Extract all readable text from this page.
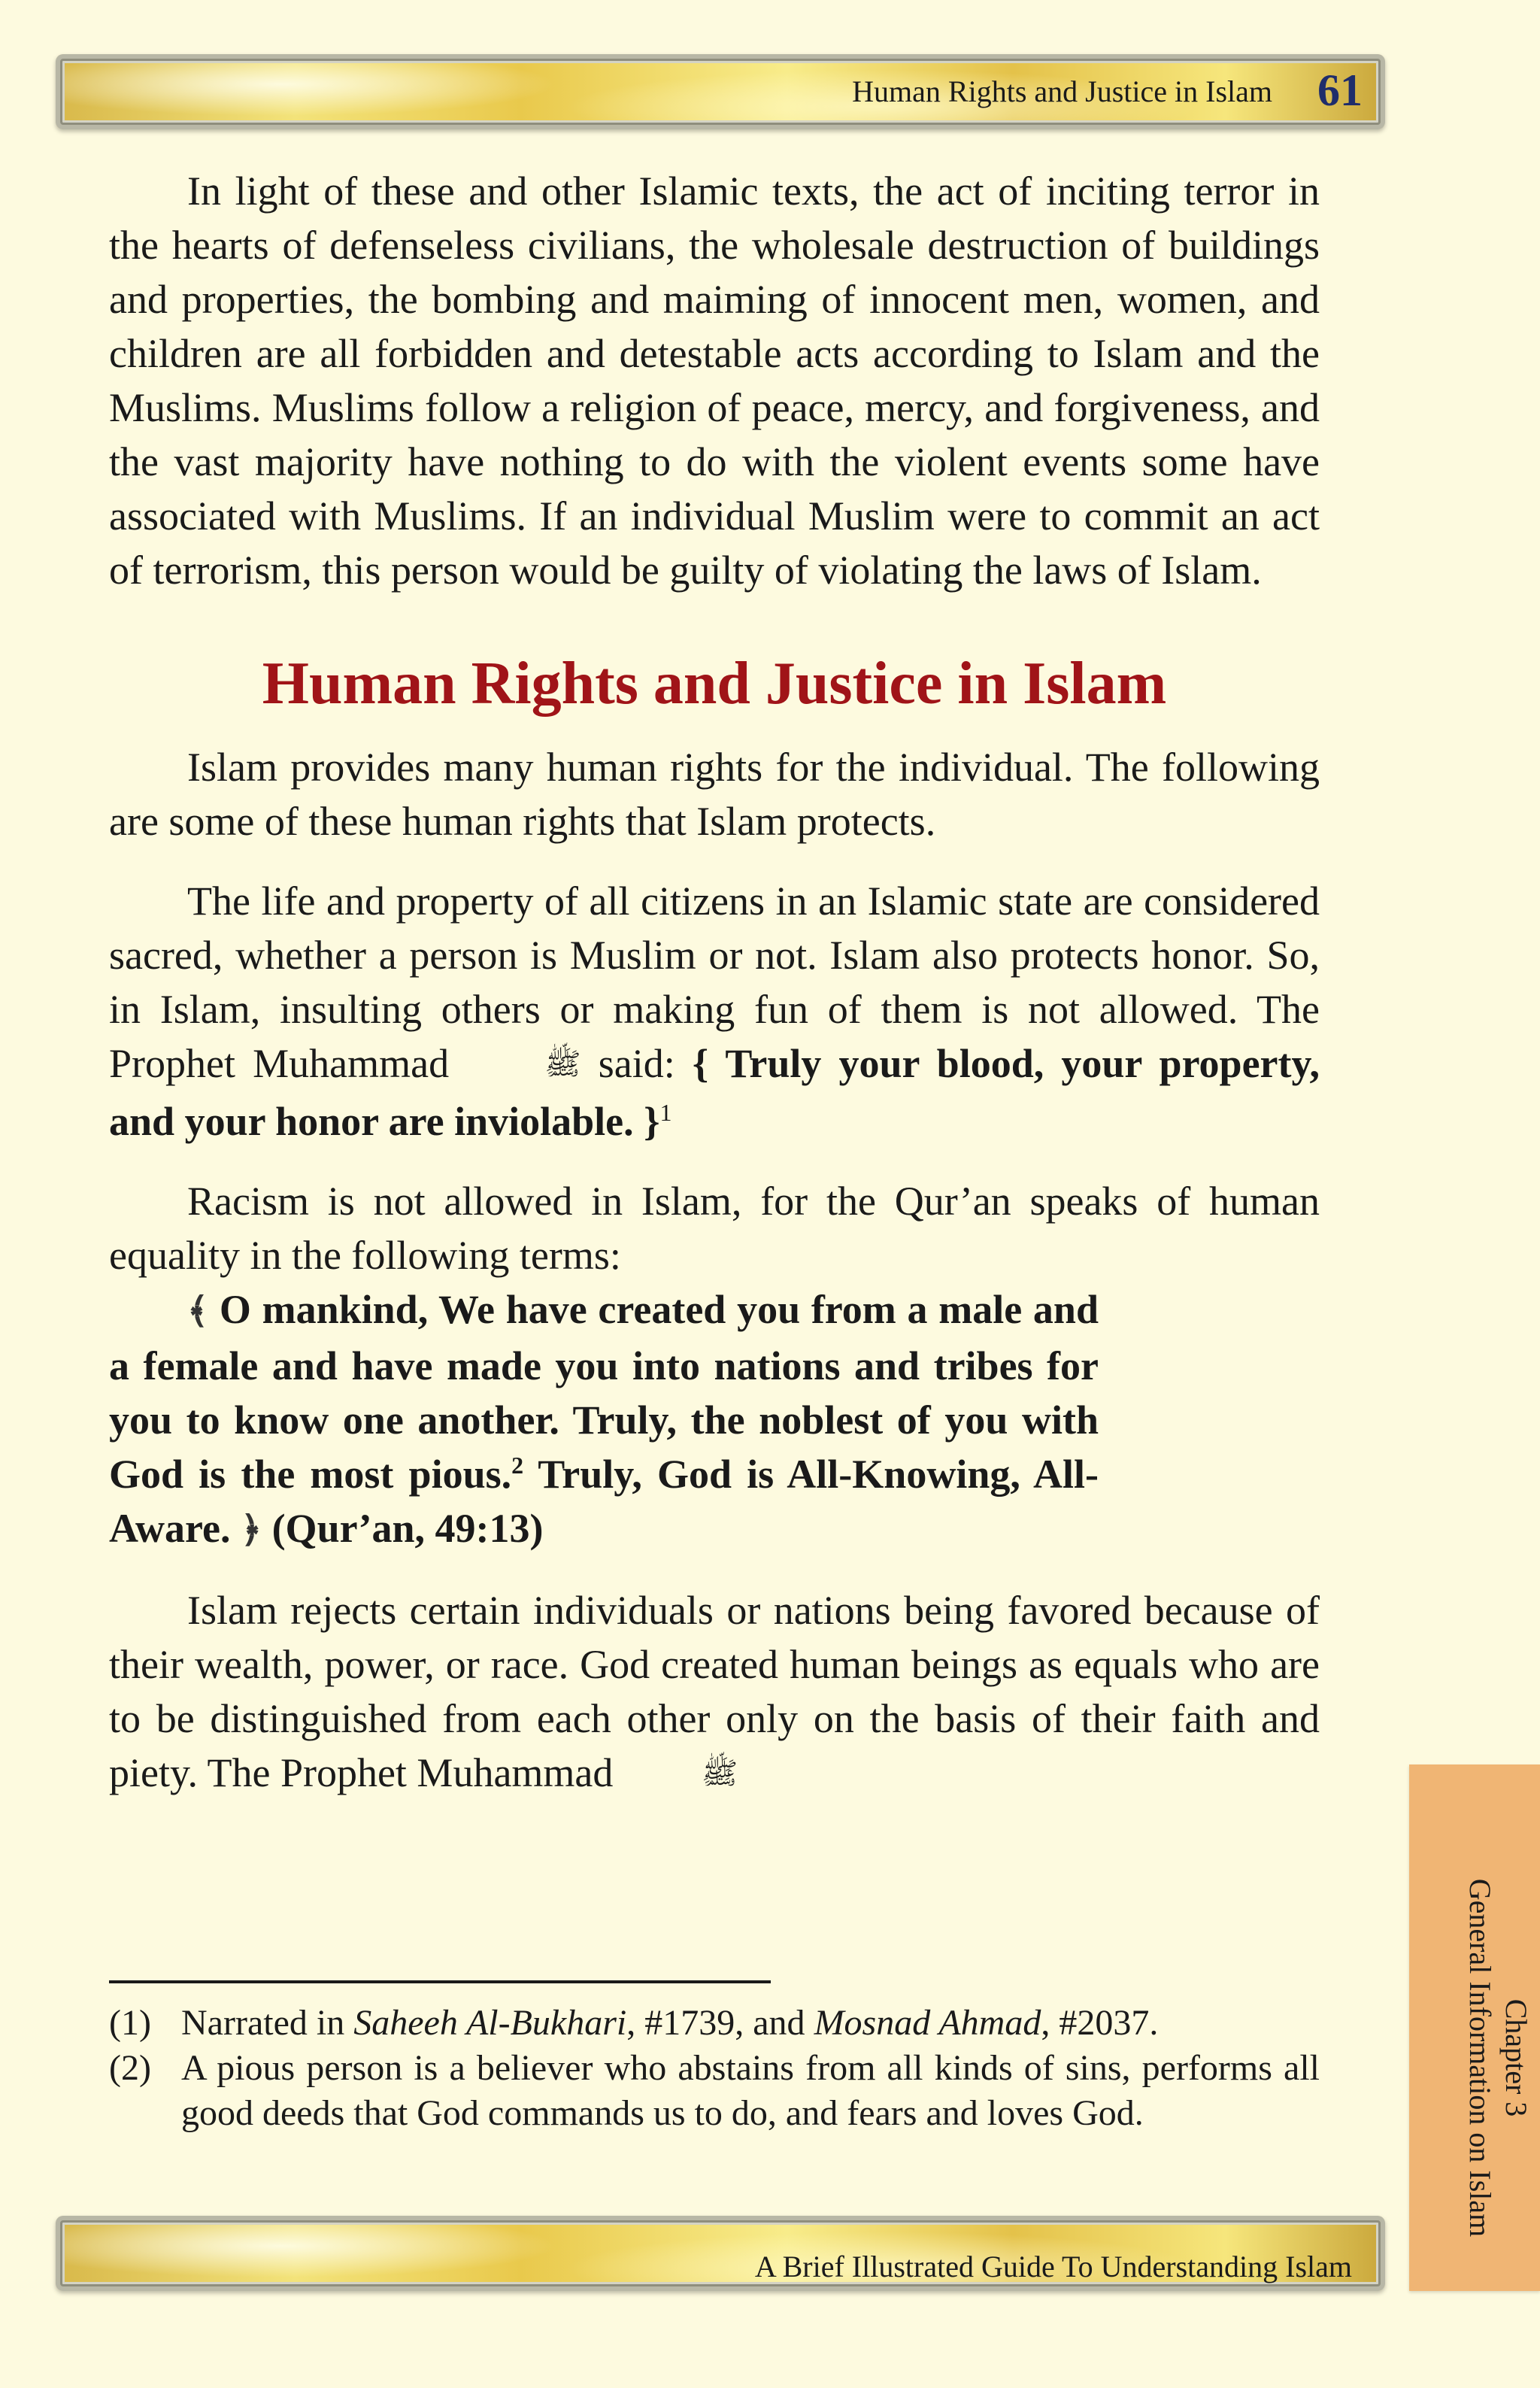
Human Rights and Justice in Islam 61

In light of these and other Islamic texts, the act of inciting terror in the hearts of defenseless civilians, the wholesale destruction of buildings and properties, the bombing and maiming of innocent men, women, and children are all forbidden and detestable acts according to Islam and the Muslims. Muslims follow a religion of peace, mercy, and forgiveness, and the vast majority have nothing to do with the violent events some have associated with Muslims. If an individual Muslim were to commit an act of terrorism, this person would be guilty of violating the laws of Islam.

Human Rights and Justice in Islam

Islam provides many human rights for the individual. The following are some of these human rights that Islam protects.

The life and property of all citizens in an Islamic state are considered sacred, whether a person is Muslim or not. Islam also protects honor. So, in Islam, insulting others or making fun of them is not allowed. The Prophet Muhammad	ﷺ said: { Truly your blood, your property, and your honor are inviolable. }$^1$

Racism is not allowed in Islam, for the Qur’an speaks of human equality in the following terms:

﴾ O mankind, We have created you from a male and a female and have made you into nations and tribes for you to know one another. Truly, the noblest of you with God is the most pious.$^2$ Truly, God is All-Knowing, All-Aware. ﴿ (Qur’an, 49:13)

Islam rejects certain individuals or nations being favored because of their wealth, power, or race. God created human beings as equals who are to be distinguished from each other only on the basis of their faith and piety. The Prophet Muhammad	ﷺ

(1) Narrated in Saheeh Al-Bukhari, #1739, and Mosnad Ahmad, #2037.
(2) A pious person is a believer who abstains from all kinds of sins, performs all good deeds that God commands us to do, and fears and loves God.	Chapter 3
General Information on Islam
A Brief Illustrated Guide To Understanding Islam
